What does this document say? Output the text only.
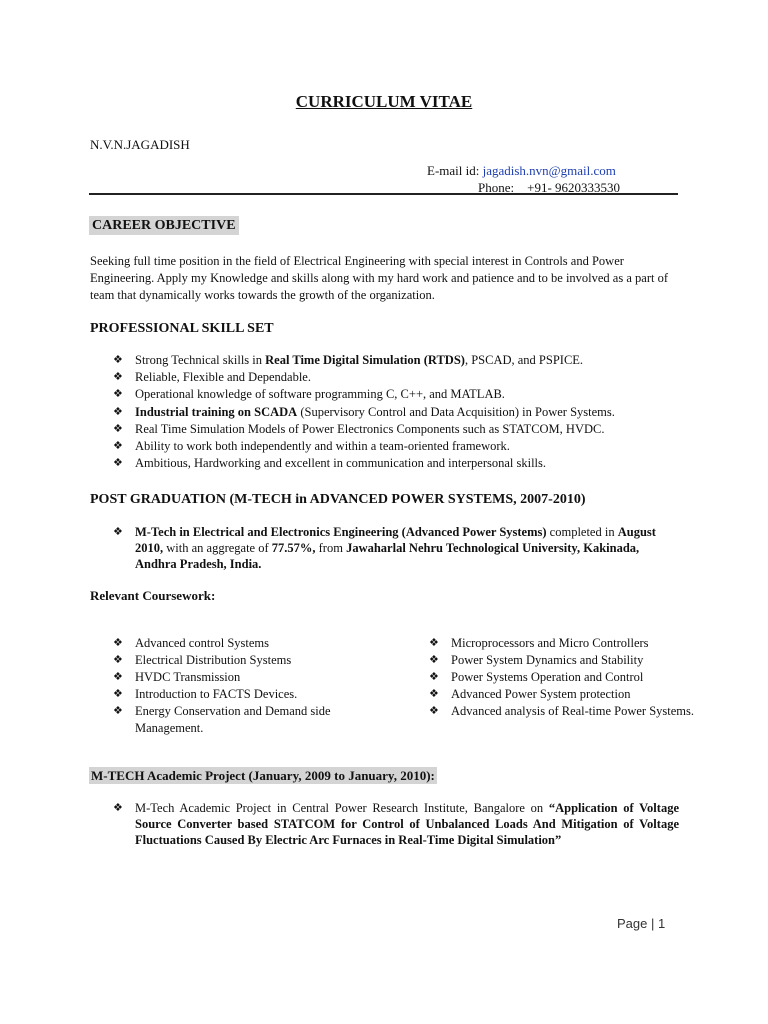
CURRICULUM VITAE
N.V.N.JAGADISH
E-mail id: jagadish.nvn@gmail.com
Phone: +91- 9620333530
CAREER OBJECTIVE
Seeking full time position in the field of Electrical Engineering with special interest in Controls and Power Engineering. Apply my Knowledge and skills along with my hard work and patience and to be involved as a part of team that dynamically works towards the growth of the organization.
PROFESSIONAL SKILL SET
❖ Strong Technical skills in Real Time Digital Simulation (RTDS), PSCAD, and PSPICE.
❖ Reliable, Flexible and Dependable.
❖ Operational knowledge of software programming C, C++, and MATLAB.
❖ Industrial training on SCADA (Supervisory Control and Data Acquisition) in Power Systems.
❖ Real Time Simulation Models of Power Electronics Components such as STATCOM, HVDC.
❖ Ability to work both independently and within a team-oriented framework.
❖ Ambitious, Hardworking and excellent in communication and interpersonal skills.
POST GRADUATION (M-TECH in ADVANCED POWER SYSTEMS, 2007-2010)
❖ M-Tech in Electrical and Electronics Engineering (Advanced Power Systems) completed in August 2010, with an aggregate of 77.57%, from Jawaharlal Nehru Technological University, Kakinada, Andhra Pradesh, India.
Relevant Coursework:
❖ Advanced control Systems
❖ Electrical Distribution Systems
❖ HVDC Transmission
❖ Introduction to FACTS Devices.
❖ Energy Conservation and Demand side Management.
❖ Microprocessors and Micro Controllers
❖ Power System Dynamics and Stability
❖ Power Systems Operation and Control
❖ Advanced Power System protection
❖ Advanced analysis of Real-time Power Systems.
M-TECH Academic Project (January, 2009 to January, 2010):
❖ M-Tech Academic Project in Central Power Research Institute, Bangalore on “Application of Voltage Source Converter based STATCOM for Control of Unbalanced Loads And Mitigation of Voltage Fluctuations Caused By Electric Arc Furnaces in Real-Time Digital Simulation”
Page | 1
